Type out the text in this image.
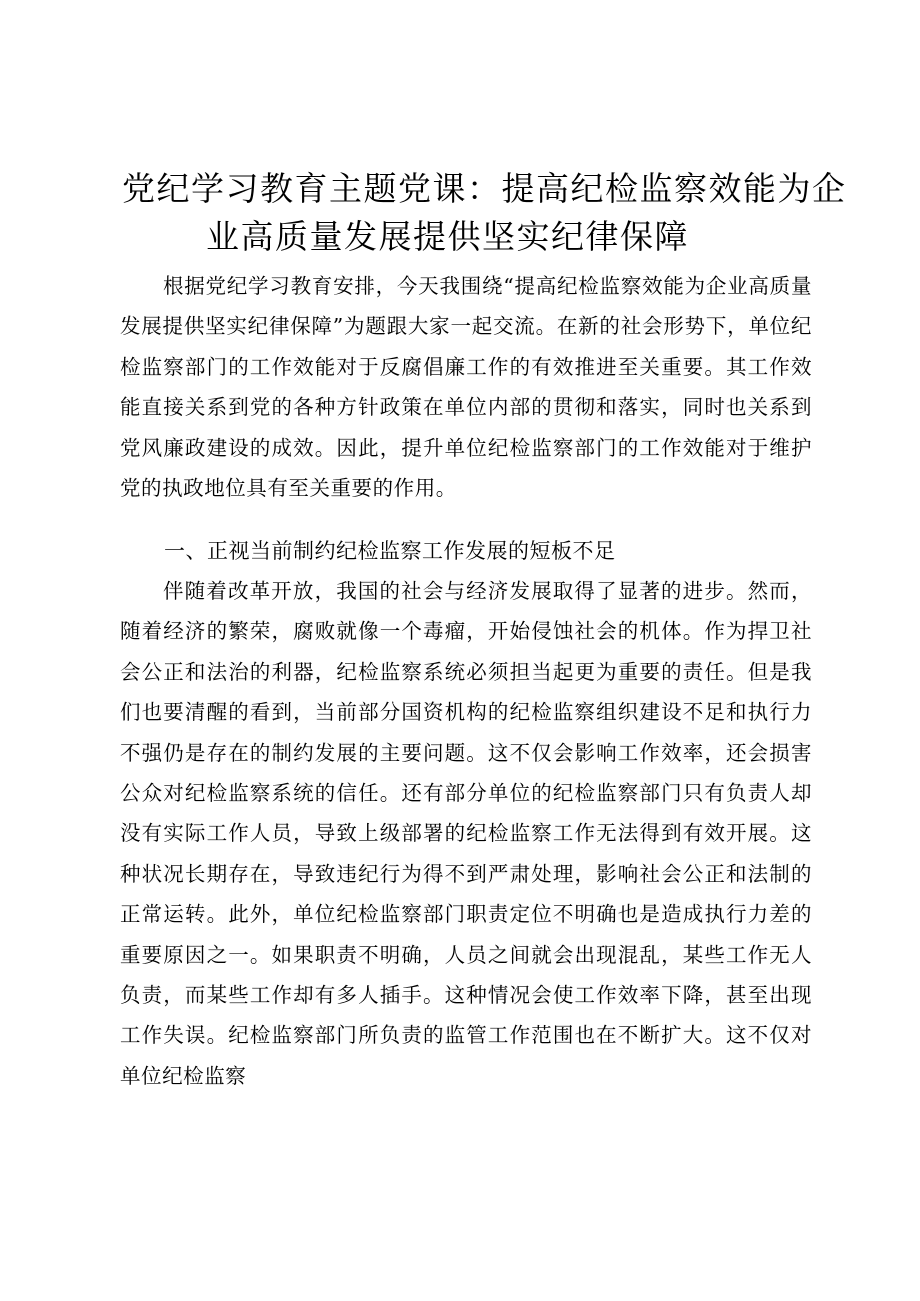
党纪学习教育主题党课：提高纪检监察效能为企
业高质量发展提供坚实纪律保障

根据党纪学习教育安排，今天我围绕“提高纪检监察效能为企业高质量发展提供坚实纪律保障”为题跟大家一起交流。在新的社会形势下，单位纪检监察部门的工作效能对于反腐倡廉工作的有效推进至关重要。其工作效能直接关系到党的各种方针政策在单位内部的贯彻和落实，同时也关系到党风廉政建设的成效。因此，提升单位纪检监察部门的工作效能对于维护党的执政地位具有至关重要的作用。

一、正视当前制约纪检监察工作发展的短板不足

伴随着改革开放，我国的社会与经济发展取得了显著的进步。然而，随着经济的繁荣，腐败就像一个毒瘤，开始侵蚀社会的机体。作为捍卫社会公正和法治的利器，纪检监察系统必须担当起更为重要的责任。但是我们也要清醒的看到，当前部分国资机构的纪检监察组织建设不足和执行力不强仍是存在的制约发展的主要问题。这不仅会影响工作效率，还会损害公众对纪检监察系统的信任。还有部分单位的纪检监察部门只有负责人却没有实际工作人员，导致上级部署的纪检监察工作无法得到有效开展。这种状况长期存在，导致违纪行为得不到严肃处理，影响社会公正和法制的正常运转。此外，单位纪检监察部门职责定位不明确也是造成执行力差的重要原因之一。如果职责不明确，人员之间就会出现混乱，某些工作无人负责，而某些工作却有多人插手。这种情况会使工作效率下降，甚至出现工作失误。纪检监察部门所负责的监管工作范围也在不断扩大。这不仅对单位纪检监察
